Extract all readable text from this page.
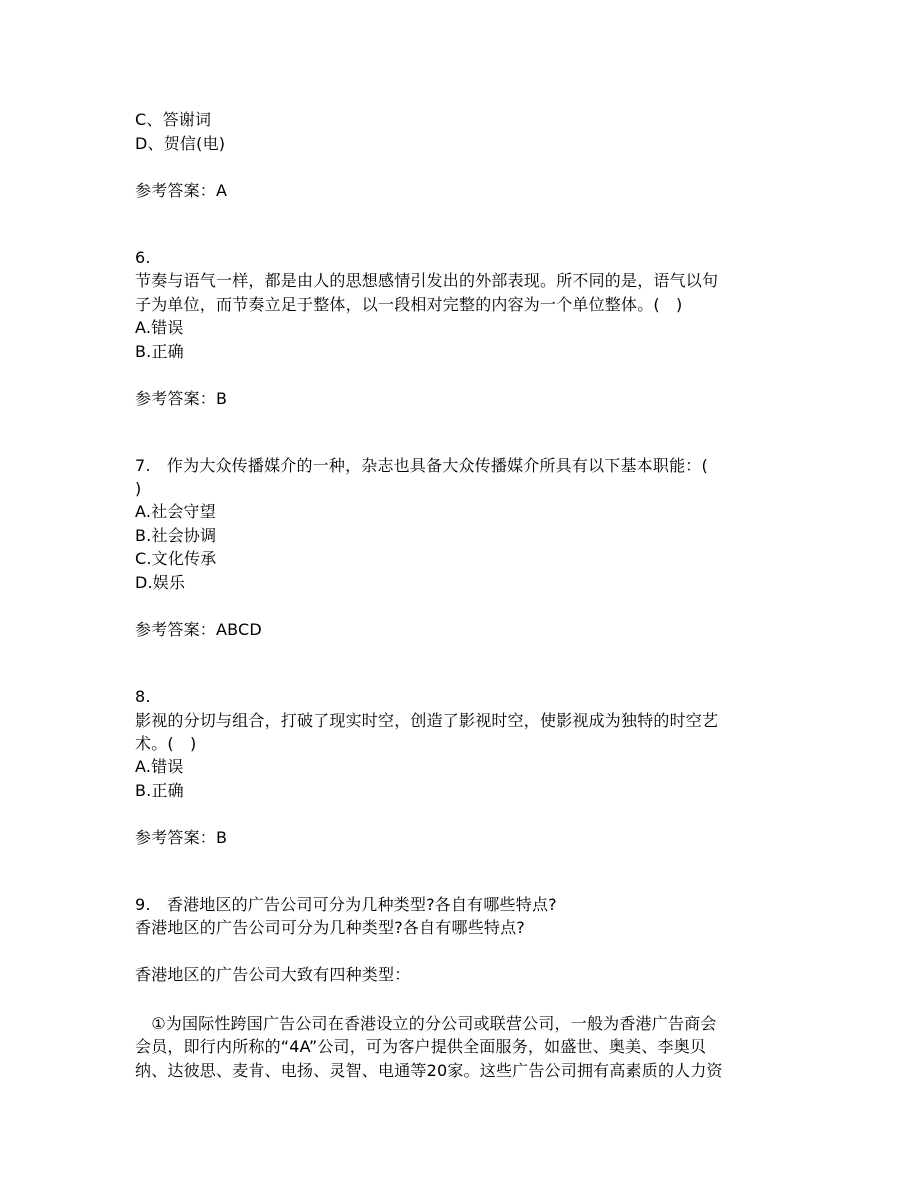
C、答谢词
D、贺信(电)
参考答案：A
6.
节奏与语气一样，都是由人的思想感情引发出的外部表现。所不同的是，语气以句
子为单位，而节奏立足于整体，以一段相对完整的内容为一个单位整体。(　)
A.错误
B.正确
参考答案：B
7.　作为大众传播媒介的一种，杂志也具备大众传播媒介所具有以下基本职能：(
)
A.社会守望
B.社会协调
C.文化传承
D.娱乐
参考答案：ABCD
8.
影视的分切与组合，打破了现实时空，创造了影视时空，使影视成为独特的时空艺
术。(　)
A.错误
B.正确
参考答案：B
9.　香港地区的广告公司可分为几种类型?各自有哪些特点?
香港地区的广告公司可分为几种类型?各自有哪些特点?
香港地区的广告公司大致有四种类型：
　①为国际性跨国广告公司在香港设立的分公司或联营公司，一般为香港广告商会
会员，即行内所称的“4A”公司，可为客户提供全面服务，如盛世、奥美、李奥贝
纳、达彼思、麦肯、电扬、灵智、电通等20家。这些广告公司拥有高素质的人力资
